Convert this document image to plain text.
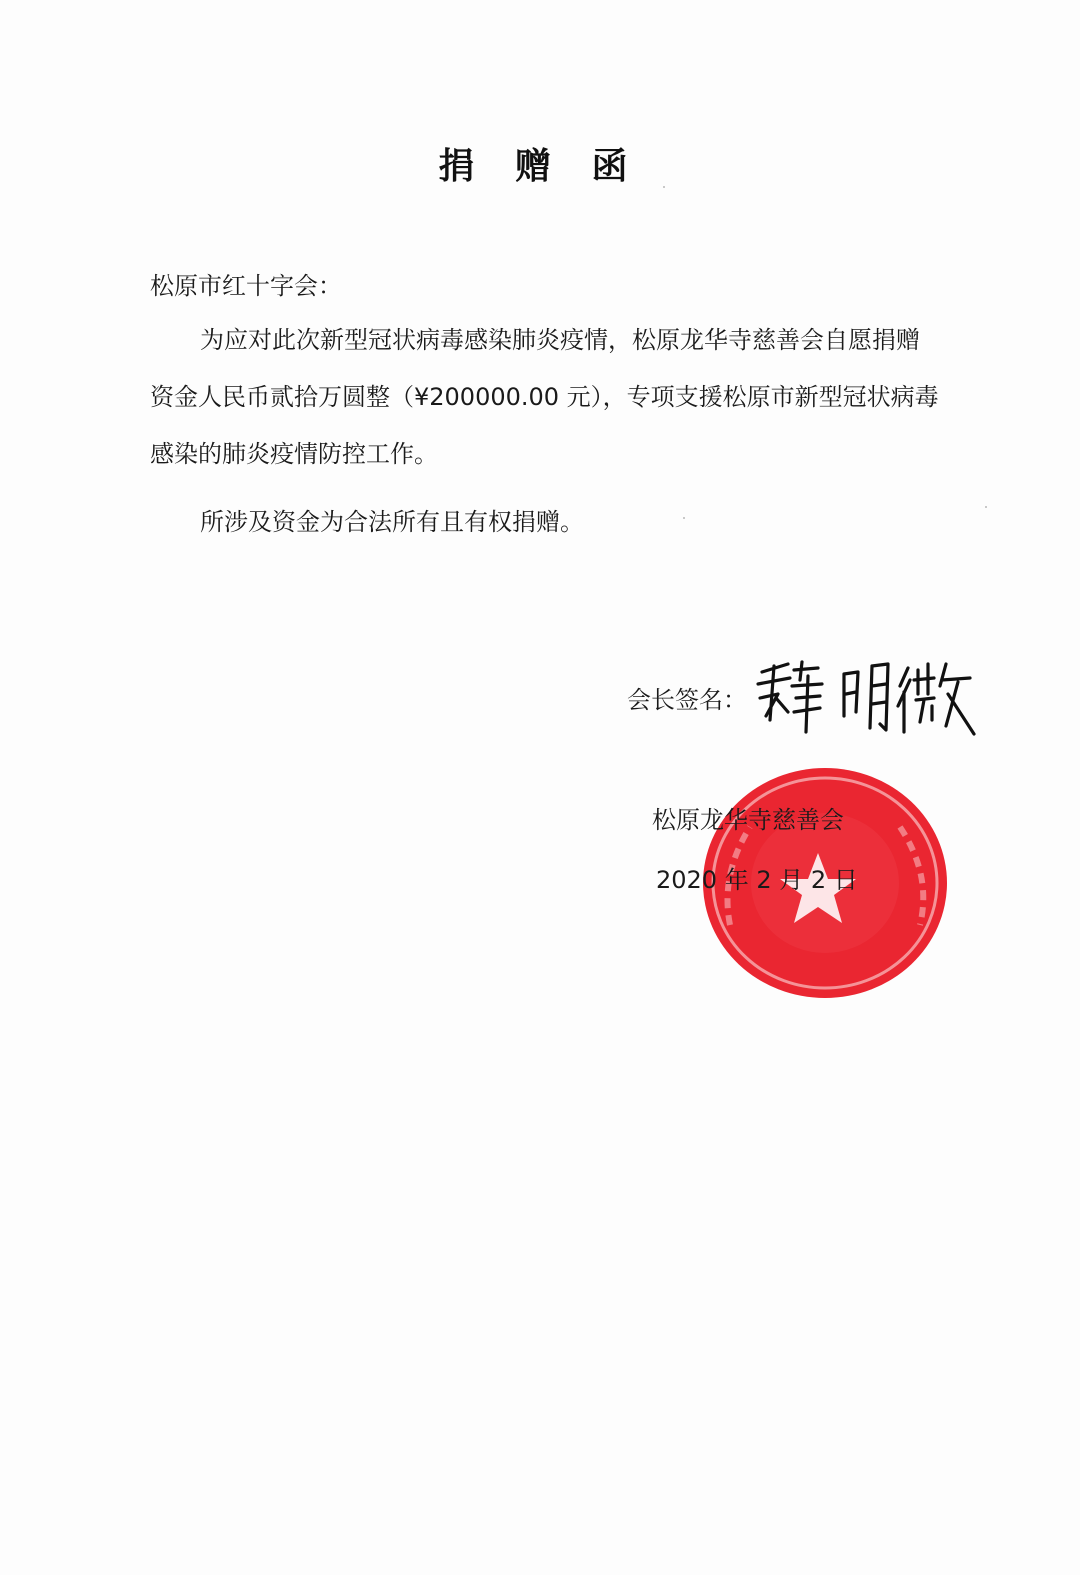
捐 赠 函
松原市红十字会：
为应对此次新型冠状病毒感染肺炎疫情，松原龙华寺慈善会自愿捐赠资金人民币贰拾万圆整（¥200000.00 元），专项支援松原市新型冠状病毒感染的肺炎疫情防控工作。
所涉及资金为合法所有且有权捐赠。
会长签名：
松原龙华寺慈善会
2020 年 2 月 2 日
